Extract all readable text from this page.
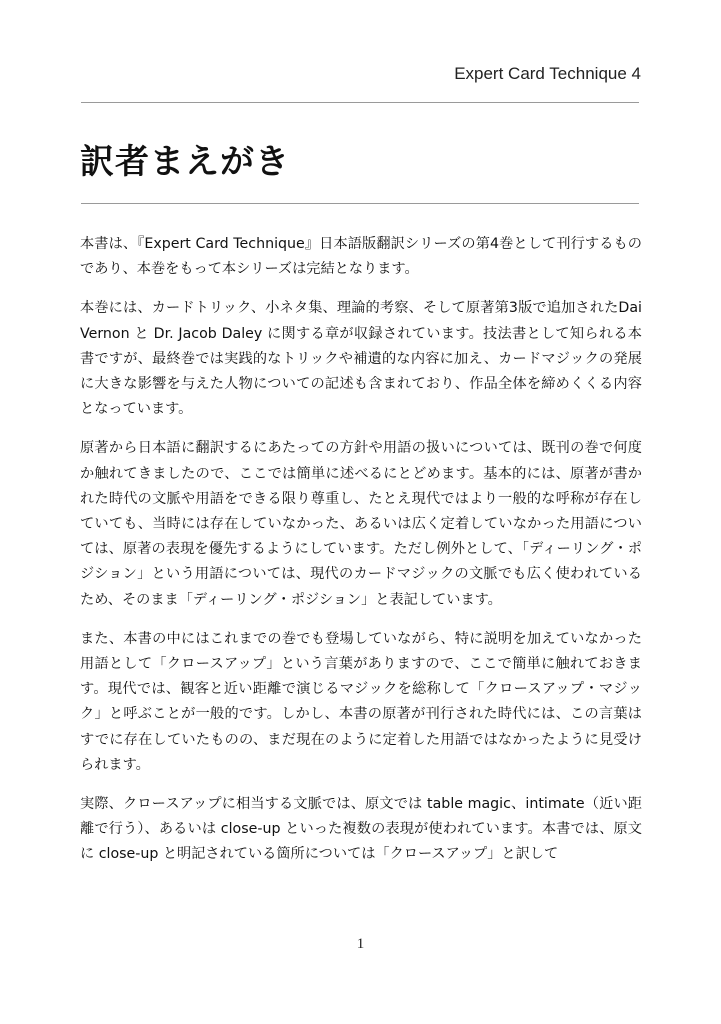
Expert Card Technique 4
訳者まえがき

本書は、『Expert Card Technique』日本語版翻訳シリーズの第4巻として刊行するものであり、本巻をもって本シリーズは完結となります。

本巻には、カードトリック、小ネタ集、理論的考察、そして原著第3版で追加されたDai Vernon と Dr. Jacob Daley に関する章が収録されています。技法書として知られる本書ですが、最終巻では実践的なトリックや補遺的な内容に加え、カードマジックの発展に大きな影響を与えた人物についての記述も含まれており、作品全体を締めくくる内容となっています。

原著から日本語に翻訳するにあたっての方針や用語の扱いについては、既刊の巻で何度か触れてきましたので、ここでは簡単に述べるにとどめます。基本的には、原著が書かれた時代の文脈や用語をできる限り尊重し、たとえ現代ではより一般的な呼称が存在していても、当時には存在していなかった、あるいは広く定着していなかった用語については、原著の表現を優先するようにしています。ただし例外として、「ディーリング・ポジション」という用語については、現代のカードマジックの文脈でも広く使われているため、そのまま「ディーリング・ポジション」と表記しています。

また、本書の中にはこれまでの巻でも登場していながら、特に説明を加えていなかった用語として「クロースアップ」という言葉がありますので、ここで簡単に触れておきます。現代では、観客と近い距離で演じるマジックを総称して「クロースアップ・マジック」と呼ぶことが一般的です。しかし、本書の原著が刊行された時代には、この言葉はすでに存在していたものの、まだ現在のように定着した用語ではなかったように見受けられます。

実際、クロースアップに相当する文脈では、原文では table magic、intimate（近い距離で行う）、あるいは close-up といった複数の表現が使われています。本書では、原文に close-up と明記されている箇所については「クロースアップ」と訳して

1
